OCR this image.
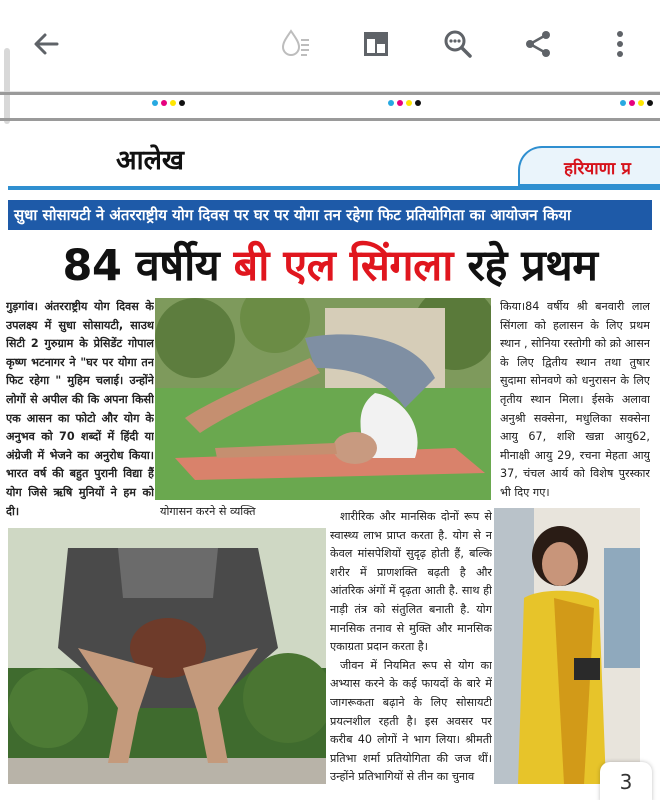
आलेख	हरियाणा प्र
सुधा सोसायटी ने अंतरराष्ट्रीय योग दिवस पर घर पर योगा तन रहेगा फिट प्रतियोगिता का आयोजन किया
84 वर्षीय बी एल सिंगला रहे प्रथम
गुड़गांव। अंतरराष्ट्रीय योग दिवस के उपलक्ष्य में सुधा सोसायटी, साउथ सिटी 2 गुरुग्राम के प्रेसिडेंट गोपाल कृष्ण भटनागर ने "घर पर योगा तन फिट रहेगा " मुहिम चलाई। उन्होंने लोगों से अपील की कि अपना किसी एक आसन का फोटो और योग के अनुभव को 70 शब्दों में हिंदी या अंग्रेजी में भेजने का अनुरोध किया। भारत वर्ष की बहुत पुरानी विद्या हैं योग जिसे ऋषि मुनियों ने हम को दी।
किया।84 वर्षीय श्री बनवारी लाल सिंगला को हलासन के लिए प्रथम स्थान , सोनिया रस्तोगी को क्रो आसन के लिए द्वितीय स्थान तथा तुषार सुदामा सोनवणे को धनुरासन के लिए तृतीय स्थान मिला। ईसके अलावा अनुश्री सक्सेना, मधुलिका सक्सेना आयु 67, शशि खन्ना आयु62, मीनाक्षी आयु 29, रचना मेहता आयु 37, चंचल आर्य को विशेष पुरस्कार भी दिए गए।
योगासन करने से व्यक्ति	शारीरिक और मानसिक दोनों रूप से स्वास्थ्य लाभ प्राप्त करता है. योग से न केवल मांसपेशियों सुदृढ़ होती हैं, बल्कि शरीर में प्राणशक्ति बढ़ती है और आंतरिक अंगों में दृढ़ता आती है. साथ ही नाड़ी तंत्र को संतुलित बनाती है. योग मानसिक तनाव से मुक्ति और मानसिक एकाग्रता प्रदान करता है।

जीवन में नियमित रूप से योग का अभ्यास करने के कई फायदों के बारे में जागरूकता बढ़ाने के लिए सोसायटी प्रयत्नशील रहती है। इस अवसर पर करीब 40 लोगों ने भाग लिया। श्रीमती प्रतिभा शर्मा प्रतियोगिता की जज थीं। उन्होंने प्रतिभागियों से तीन का चुनाव	3
